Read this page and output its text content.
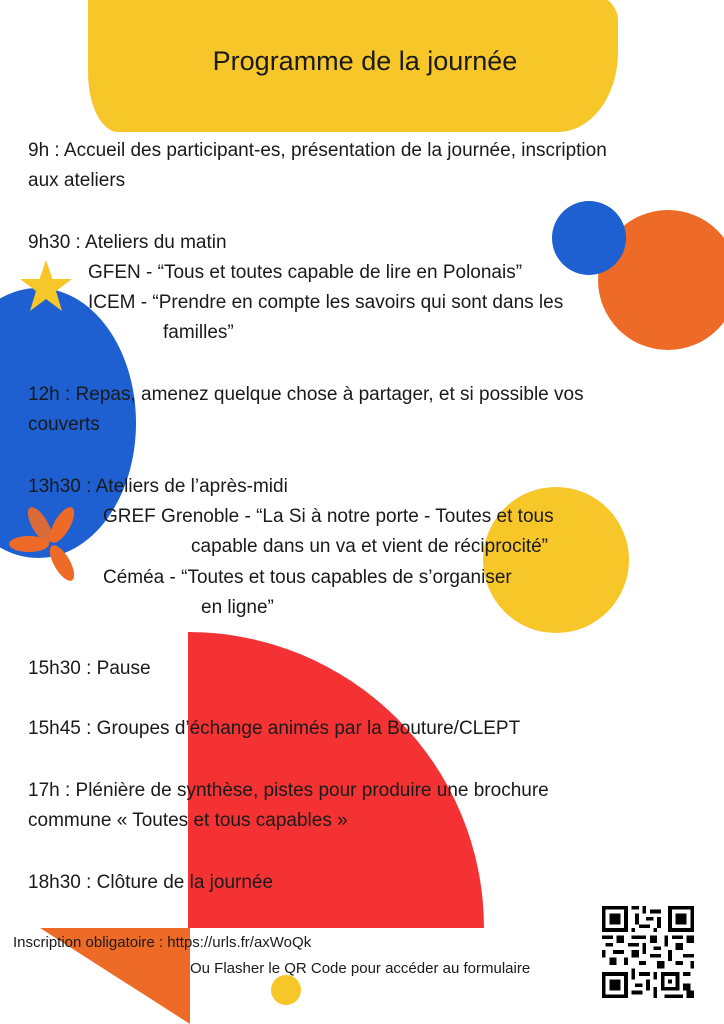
Programme de la journée
9h : Accueil des participant-es, présentation de la journée, inscription
aux ateliers
9h30 : Ateliers du matin
GFEN - “Tous et toutes capable de lire en Polonais”
ICEM - “Prendre en compte les savoirs qui sont dans les
familles”
12h : Repas, amenez quelque chose à partager, et si possible vos
couverts
13h30 : Ateliers de l’après-midi
GREF Grenoble - “La Si à notre porte - Toutes et tous
capable dans un va et vient de réciprocité”
Céméa - “Toutes et tous capables de s’organiser
en ligne”
15h30 : Pause
15h45 : Groupes d’échange animés par la Bouture/CLEPT
17h : Plénière de synthèse, pistes pour produire une brochure
commune « Toutes et tous capables »
18h30 : Clôture de la journée
Inscription obligatoire : https://urls.fr/axWoQk
Ou Flasher le QR Code pour accéder au formulaire
